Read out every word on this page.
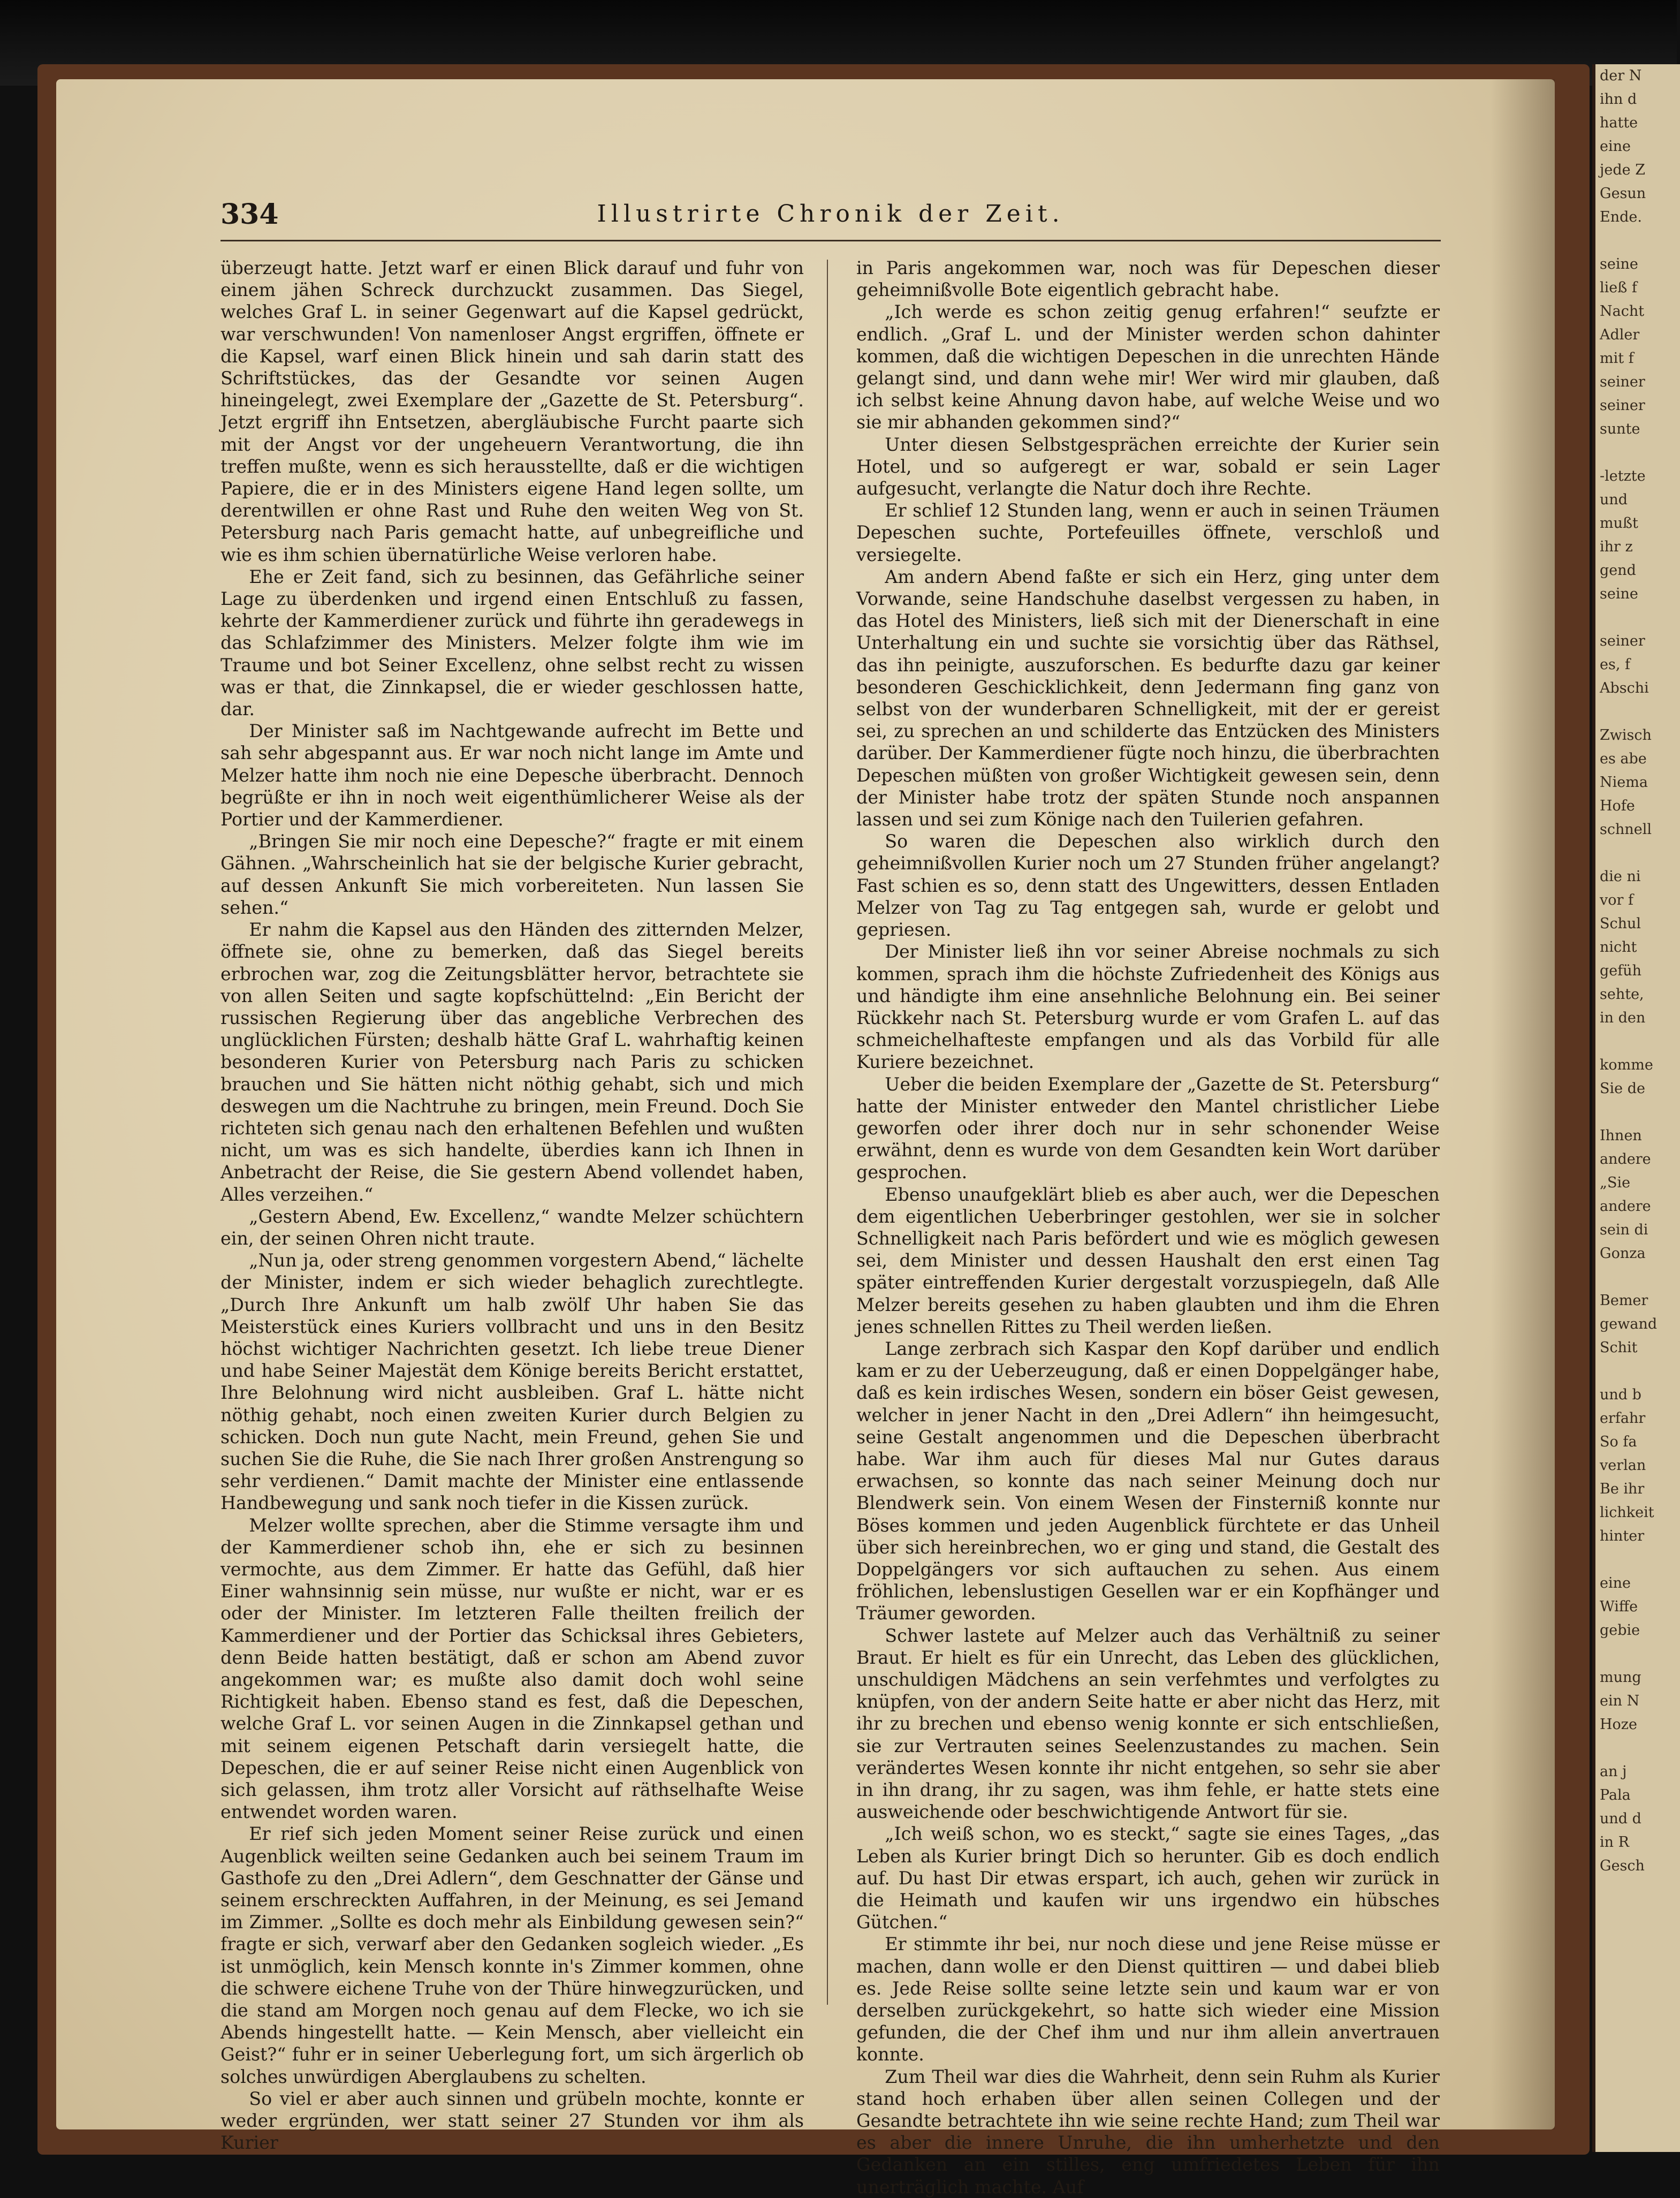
der N
ihn d
hatte
eine
jede Z
Gesun
Ende.
seine
ließ f
Nacht
Adler
mit f
seiner
seiner
sunte
-letzte
und
mußt
ihr z
gend
seine
seiner
es, f
Abschi
Zwisch
es abe
Niema
Hofe
schnell
die ni
vor f
Schul
nicht
gefüh
sehte,
in den
komme
Sie de
Ihnen
andere
„Sie
andere
sein di
Gonza
Bemer
gewand
Schit
und b
erfahr
So fa
verlan
Be ihr
lichkeit
hinter
eine
Wiffe
gebie
mung
ein N
Hoze
an j
Pala
und d
in R
Gesch
334	Illustrirte Chronik der Zeit.

überzeugt hatte. Jetzt warf er einen Blick darauf und fuhr von einem jähen Schreck durchzuckt zusammen. Das Siegel, welches Graf L. in seiner Gegenwart auf die Kapsel gedrückt, war verschwunden! Von namenloser Angst ergriffen, öffnete er die Kapsel, warf einen Blick hinein und sah darin statt des Schriftstückes, das der Gesandte vor seinen Augen hineingelegt, zwei Exemplare der „Gazette de St. Petersburg“. Jetzt ergriff ihn Entsetzen, abergläubische Furcht paarte sich mit der Angst vor der ungeheuern Verantwortung, die ihn treffen mußte, wenn es sich herausstellte, daß er die wichtigen Papiere, die er in des Ministers eigene Hand legen sollte, um derentwillen er ohne Rast und Ruhe den weiten Weg von St. Petersburg nach Paris gemacht hatte, auf unbegreifliche und wie es ihm schien übernatürliche Weise verloren habe.

Ehe er Zeit fand, sich zu besinnen, das Gefährliche seiner Lage zu überdenken und irgend einen Entschluß zu fassen, kehrte der Kammerdiener zurück und führte ihn geradewegs in das Schlafzimmer des Ministers. Melzer folgte ihm wie im Traume und bot Seiner Excellenz, ohne selbst recht zu wissen was er that, die Zinnkapsel, die er wieder geschlossen hatte, dar.

Der Minister saß im Nachtgewande aufrecht im Bette und sah sehr abgespannt aus. Er war noch nicht lange im Amte und Melzer hatte ihm noch nie eine Depesche überbracht. Dennoch begrüßte er ihn in noch weit eigenthümlicherer Weise als der Portier und der Kammerdiener.

„Bringen Sie mir noch eine Depesche?“ fragte er mit einem Gähnen. „Wahrscheinlich hat sie der belgische Kurier gebracht, auf dessen Ankunft Sie mich vorbereiteten. Nun lassen Sie sehen.“

Er nahm die Kapsel aus den Händen des zitternden Melzer, öffnete sie, ohne zu bemerken, daß das Siegel bereits erbrochen war, zog die Zeitungsblätter hervor, betrachtete sie von allen Seiten und sagte kopfschüttelnd: „Ein Bericht der russischen Regierung über das angebliche Verbrechen des unglücklichen Fürsten; deshalb hätte Graf L. wahrhaftig keinen besonderen Kurier von Petersburg nach Paris zu schicken brauchen und Sie hätten nicht nöthig gehabt, sich und mich deswegen um die Nachtruhe zu bringen, mein Freund. Doch Sie richteten sich genau nach den erhaltenen Befehlen und wußten nicht, um was es sich handelte, überdies kann ich Ihnen in Anbetracht der Reise, die Sie gestern Abend vollendet haben, Alles verzeihen.“

„Gestern Abend, Ew. Excellenz,“ wandte Melzer schüchtern ein, der seinen Ohren nicht traute.

„Nun ja, oder streng genommen vorgestern Abend,“ lächelte der Minister, indem er sich wieder behaglich zurechtlegte. „Durch Ihre Ankunft um halb zwölf Uhr haben Sie das Meisterstück eines Kuriers vollbracht und uns in den Besitz höchst wichtiger Nachrichten gesetzt. Ich liebe treue Diener und habe Seiner Majestät dem Könige bereits Bericht erstattet, Ihre Belohnung wird nicht ausbleiben. Graf L. hätte nicht nöthig gehabt, noch einen zweiten Kurier durch Belgien zu schicken. Doch nun gute Nacht, mein Freund, gehen Sie und suchen Sie die Ruhe, die Sie nach Ihrer großen Anstrengung so sehr verdienen.“ Damit machte der Minister eine entlassende Handbewegung und sank noch tiefer in die Kissen zurück.

Melzer wollte sprechen, aber die Stimme versagte ihm und der Kammerdiener schob ihn, ehe er sich zu besinnen vermochte, aus dem Zimmer. Er hatte das Gefühl, daß hier Einer wahnsinnig sein müsse, nur wußte er nicht, war er es oder der Minister. Im letzteren Falle theilten freilich der Kammerdiener und der Portier das Schicksal ihres Gebieters, denn Beide hatten bestätigt, daß er schon am Abend zuvor angekommen war; es mußte also damit doch wohl seine Richtigkeit haben. Ebenso stand es fest, daß die Depeschen, welche Graf L. vor seinen Augen in die Zinnkapsel gethan und mit seinem eigenen Petschaft darin versiegelt hatte, die Depeschen, die er auf seiner Reise nicht einen Augenblick von sich gelassen, ihm trotz aller Vorsicht auf räthselhafte Weise entwendet worden waren.

Er rief sich jeden Moment seiner Reise zurück und einen Augenblick weilten seine Gedanken auch bei seinem Traum im Gasthofe zu den „Drei Adlern“, dem Geschnatter der Gänse und seinem erschreckten Auffahren, in der Meinung, es sei Jemand im Zimmer. „Sollte es doch mehr als Einbildung gewesen sein?“ fragte er sich, verwarf aber den Gedanken sogleich wieder. „Es ist unmöglich, kein Mensch konnte in's Zimmer kommen, ohne die schwere eichene Truhe von der Thüre hinwegzurücken, und die stand am Morgen noch genau auf dem Flecke, wo ich sie Abends hingestellt hatte. — Kein Mensch, aber vielleicht ein Geist?“ fuhr er in seiner Ueberlegung fort, um sich ärgerlich ob solches unwürdigen Aberglaubens zu schelten.

So viel er aber auch sinnen und grübeln mochte, konnte er weder ergründen, wer statt seiner 27 Stunden vor ihm als Kurier

in Paris angekommen war, noch was für Depeschen dieser geheimnißvolle Bote eigentlich gebracht habe.

„Ich werde es schon zeitig genug erfahren!“ seufzte er endlich. „Graf L. und der Minister werden schon dahinter kommen, daß die wichtigen Depeschen in die unrechten Hände gelangt sind, und dann wehe mir! Wer wird mir glauben, daß ich selbst keine Ahnung davon habe, auf welche Weise und wo sie mir abhanden gekommen sind?“

Unter diesen Selbstgesprächen erreichte der Kurier sein Hotel, und so aufgeregt er war, sobald er sein Lager aufgesucht, verlangte die Natur doch ihre Rechte.

Er schlief 12 Stunden lang, wenn er auch in seinen Träumen Depeschen suchte, Portefeuilles öffnete, verschloß und versiegelte.

Am andern Abend faßte er sich ein Herz, ging unter dem Vorwande, seine Handschuhe daselbst vergessen zu haben, in das Hotel des Ministers, ließ sich mit der Dienerschaft in eine Unterhaltung ein und suchte sie vorsichtig über das Räthsel, das ihn peinigte, auszuforschen. Es bedurfte dazu gar keiner besonderen Geschicklichkeit, denn Jedermann fing ganz von selbst von der wunderbaren Schnelligkeit, mit der er gereist sei, zu sprechen an und schilderte das Entzücken des Ministers darüber. Der Kammerdiener fügte noch hinzu, die überbrachten Depeschen müßten von großer Wichtigkeit gewesen sein, denn der Minister habe trotz der späten Stunde noch anspannen lassen und sei zum Könige nach den Tuilerien gefahren.

So waren die Depeschen also wirklich durch den geheimnißvollen Kurier noch um 27 Stunden früher angelangt? Fast schien es so, denn statt des Ungewitters, dessen Entladen Melzer von Tag zu Tag entgegen sah, wurde er gelobt und gepriesen.

Der Minister ließ ihn vor seiner Abreise nochmals zu sich kommen, sprach ihm die höchste Zufriedenheit des Königs aus und händigte ihm eine ansehnliche Belohnung ein. Bei seiner Rückkehr nach St. Petersburg wurde er vom Grafen L. auf das schmeichelhafteste empfangen und als das Vorbild für alle Kuriere bezeichnet.

Ueber die beiden Exemplare der „Gazette de St. Petersburg“ hatte der Minister entweder den Mantel christlicher Liebe geworfen oder ihrer doch nur in sehr schonender Weise erwähnt, denn es wurde von dem Gesandten kein Wort darüber gesprochen.

Ebenso unaufgeklärt blieb es aber auch, wer die Depeschen dem eigentlichen Ueberbringer gestohlen, wer sie in solcher Schnelligkeit nach Paris befördert und wie es möglich gewesen sei, dem Minister und dessen Haushalt den erst einen Tag später eintreffenden Kurier dergestalt vorzuspiegeln, daß Alle Melzer bereits gesehen zu haben glaubten und ihm die Ehren jenes schnellen Rittes zu Theil werden ließen.

Lange zerbrach sich Kaspar den Kopf darüber und endlich kam er zu der Ueberzeugung, daß er einen Doppelgänger habe, daß es kein irdisches Wesen, sondern ein böser Geist gewesen, welcher in jener Nacht in den „Drei Adlern“ ihn heimgesucht, seine Gestalt angenommen und die Depeschen überbracht habe. War ihm auch für dieses Mal nur Gutes daraus erwachsen, so konnte das nach seiner Meinung doch nur Blendwerk sein. Von einem Wesen der Finsterniß konnte nur Böses kommen und jeden Augenblick fürchtete er das Unheil über sich hereinbrechen, wo er ging und stand, die Gestalt des Doppelgängers vor sich auftauchen zu sehen. Aus einem fröhlichen, lebenslustigen Gesellen war er ein Kopfhänger und Träumer geworden.

Schwer lastete auf Melzer auch das Verhältniß zu seiner Braut. Er hielt es für ein Unrecht, das Leben des glücklichen, unschuldigen Mädchens an sein verfehmtes und verfolgtes zu knüpfen, von der andern Seite hatte er aber nicht das Herz, mit ihr zu brechen und ebenso wenig konnte er sich entschließen, sie zur Vertrauten seines Seelenzustandes zu machen. Sein verändertes Wesen konnte ihr nicht entgehen, so sehr sie aber in ihn drang, ihr zu sagen, was ihm fehle, er hatte stets eine ausweichende oder beschwichtigende Antwort für sie.

„Ich weiß schon, wo es steckt,“ sagte sie eines Tages, „das Leben als Kurier bringt Dich so herunter. Gib es doch endlich auf. Du hast Dir etwas erspart, ich auch, gehen wir zurück in die Heimath und kaufen wir uns irgendwo ein hübsches Gütchen.“

Er stimmte ihr bei, nur noch diese und jene Reise müsse er machen, dann wolle er den Dienst quittiren — und dabei blieb es. Jede Reise sollte seine letzte sein und kaum war er von derselben zurückgekehrt, so hatte sich wieder eine Mission gefunden, die der Chef ihm und nur ihm allein anvertrauen konnte.

Zum Theil war dies die Wahrheit, denn sein Ruhm als Kurier stand hoch erhaben über allen seinen Collegen und der Gesandte betrachtete ihn wie seine rechte Hand; zum Theil war es aber die innere Unruhe, die ihn umherhetzte und den Gedanken an ein stilles, eng umfriedetes Leben für ihn unerträglich machte. Auf
